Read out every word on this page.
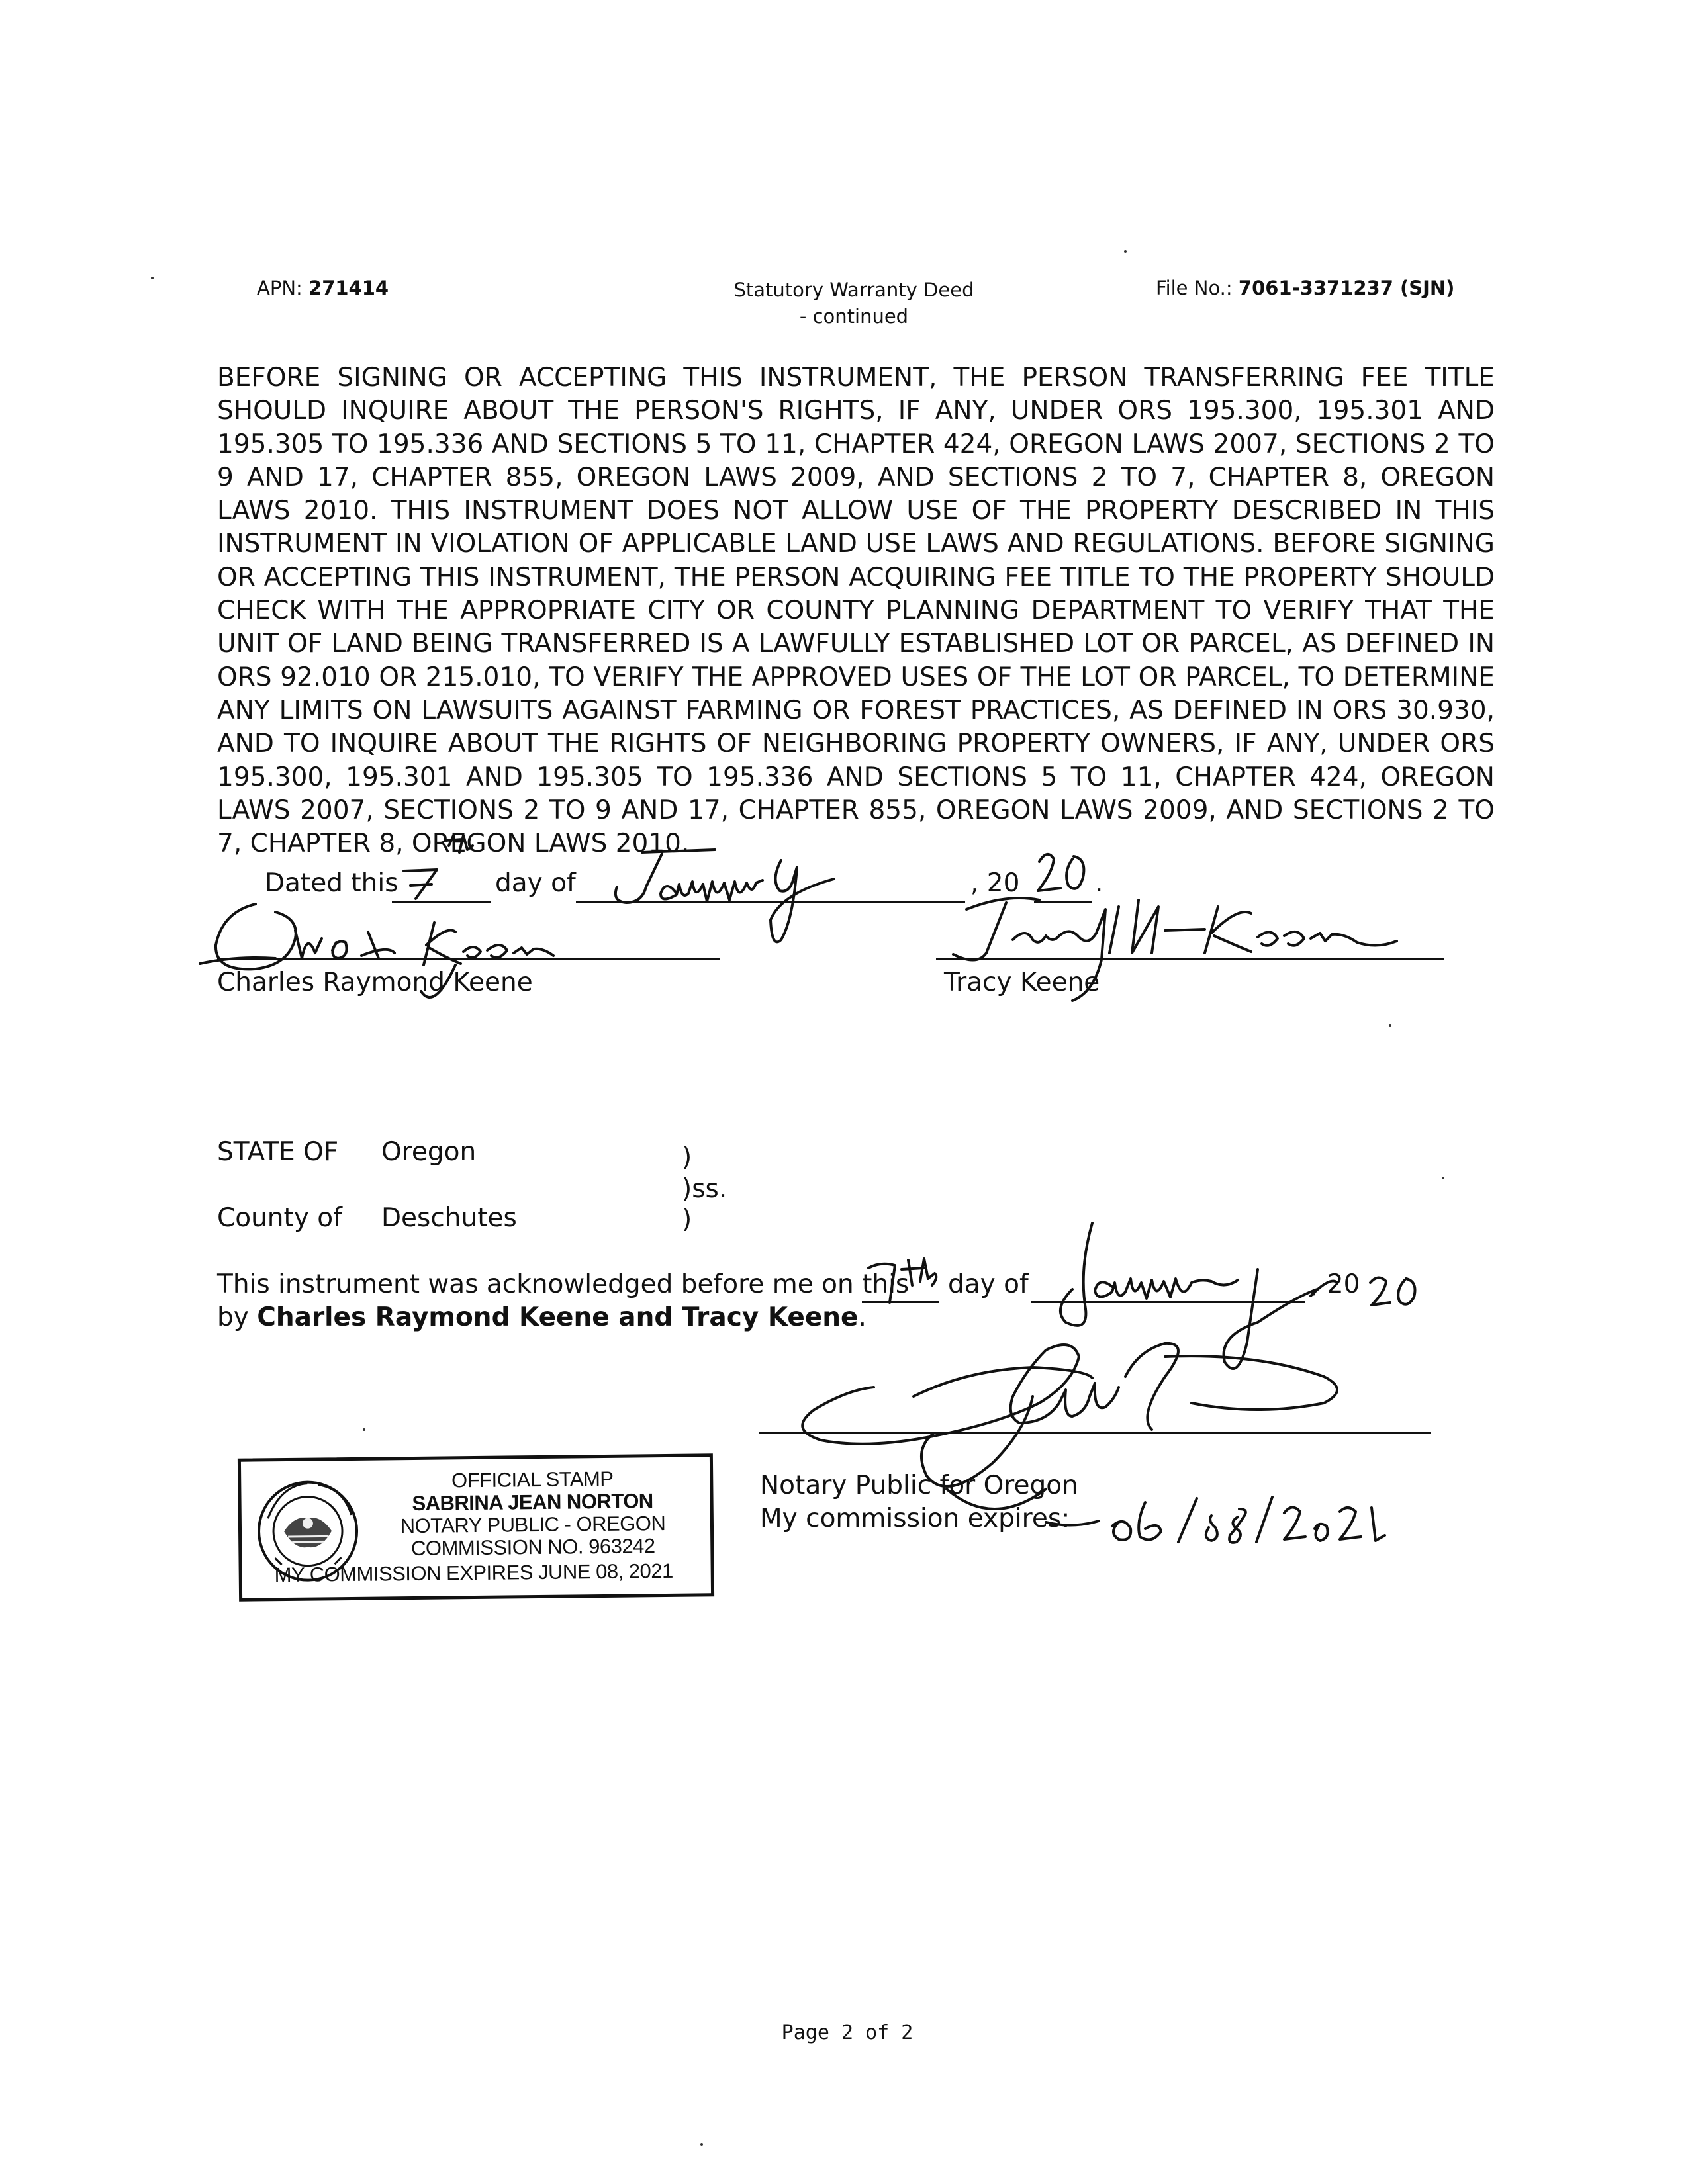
APN: 271414	Statutory Warranty Deed
- continued
File No.: 7061-3371237 (SJN)
BEFORE SIGNING OR ACCEPTING THIS INSTRUMENT, THE PERSON TRANSFERRING FEE TITLE SHOULD INQUIRE ABOUT THE PERSON'S RIGHTS, IF ANY, UNDER ORS 195.300, 195.301 AND 195.305 TO 195.336 AND SECTIONS 5 TO 11, CHAPTER 424, OREGON LAWS 2007, SECTIONS 2 TO 9 AND 17, CHAPTER 855, OREGON LAWS 2009, AND SECTIONS 2 TO 7, CHAPTER 8, OREGON LAWS 2010. THIS INSTRUMENT DOES NOT ALLOW USE OF THE PROPERTY DESCRIBED IN THIS INSTRUMENT IN VIOLATION OF APPLICABLE LAND USE LAWS AND REGULATIONS. BEFORE SIGNING OR ACCEPTING THIS INSTRUMENT, THE PERSON ACQUIRING FEE TITLE TO THE PROPERTY SHOULD CHECK WITH THE APPROPRIATE CITY OR COUNTY PLANNING DEPARTMENT TO VERIFY THAT THE UNIT OF LAND BEING TRANSFERRED IS A LAWFULLY ESTABLISHED LOT OR PARCEL, AS DEFINED IN ORS 92.010 OR 215.010, TO VERIFY THE APPROVED USES OF THE LOT OR PARCEL, TO DETERMINE ANY LIMITS ON LAWSUITS AGAINST FARMING OR FOREST PRACTICES, AS DEFINED IN ORS 30.930, AND TO INQUIRE ABOUT THE RIGHTS OF NEIGHBORING PROPERTY OWNERS, IF ANY, UNDER ORS 195.300, 195.301 AND 195.305 TO 195.336 AND SECTIONS 5 TO 11, CHAPTER 424, OREGON LAWS 2007, SECTIONS 2 TO 9 AND 17, CHAPTER 855, OREGON LAWS 2009, AND SECTIONS 2 TO 7, CHAPTER 8, OREGON LAWS 2010.
Dated this	day of	, 20	.
Charles Raymond Keene	Tracy Keene
STATE OF Oregon	)
)ss.
County of Deschutes	)
This instrument was acknowledged before me on this day of	, 20
by Charles Raymond Keene and Tracy Keene.
Notary Public for Oregon
My commission expires:
OFFICIAL STAMP
SABRINA JEAN NORTON
NOTARY PUBLIC - OREGON
COMMISSION NO. 963242
MY COMMISSION EXPIRES JUNE 08, 2021
Page 2 of 2
